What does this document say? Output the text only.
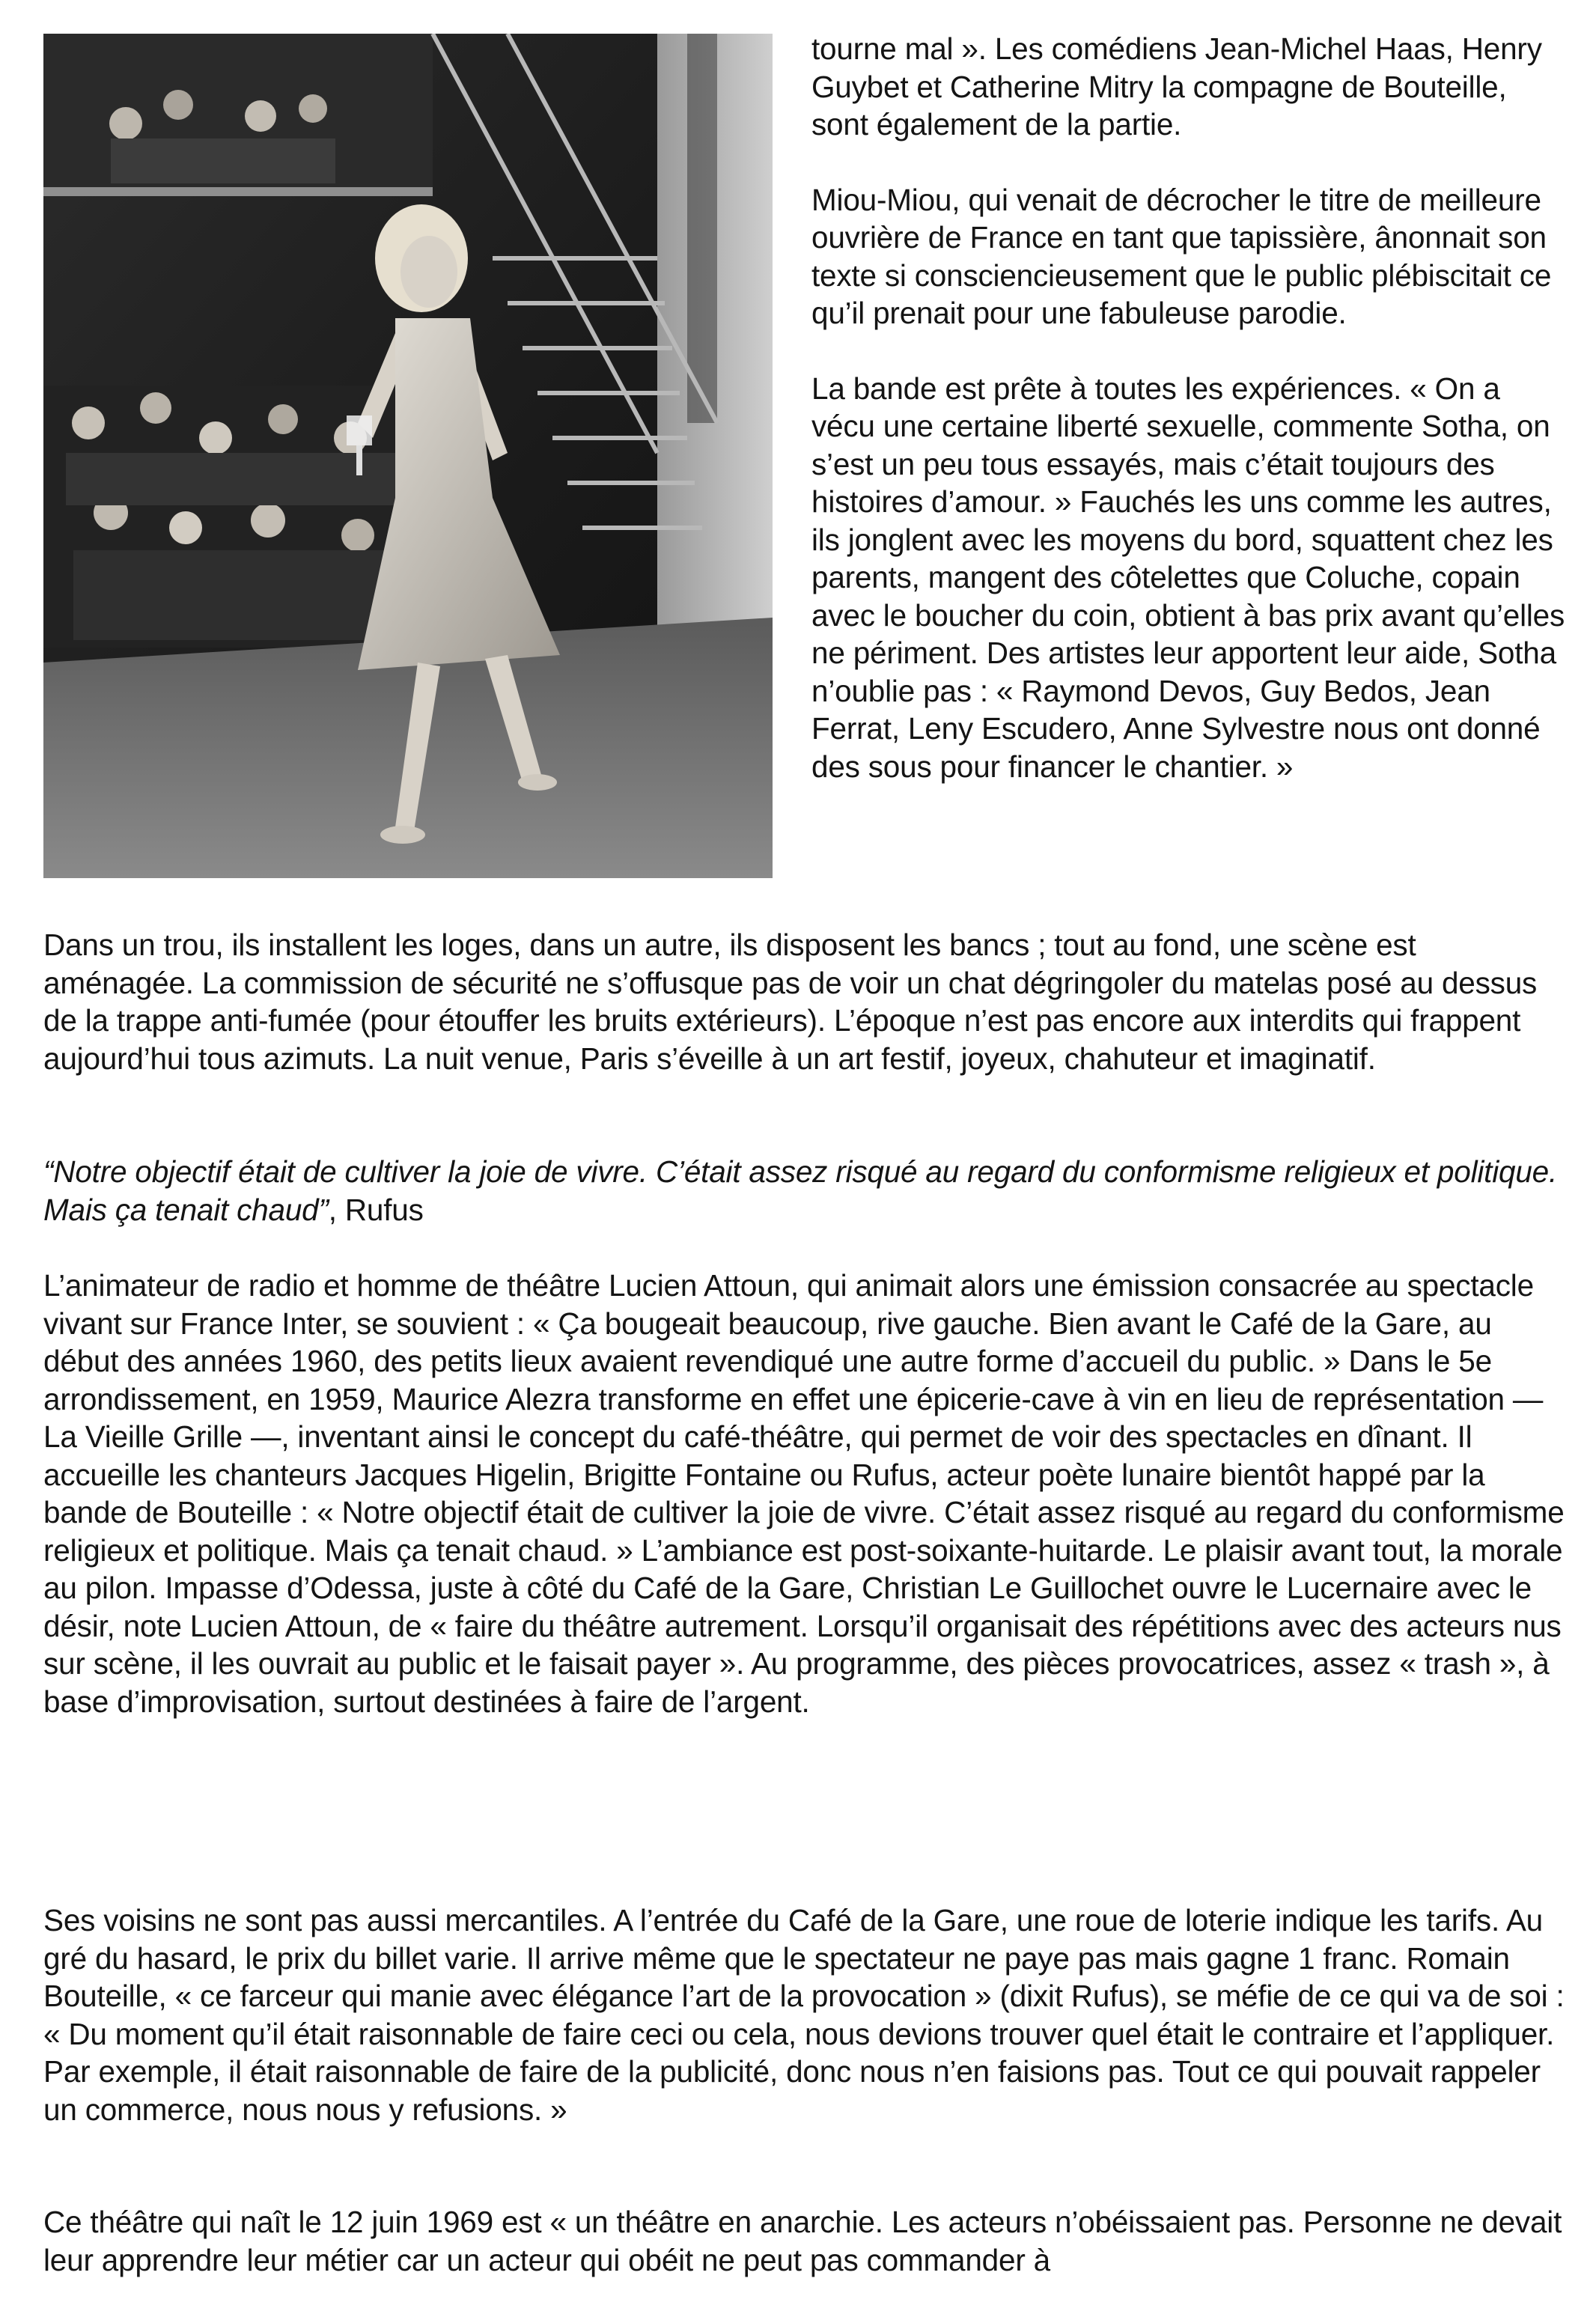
tourne mal ». Les comédiens Jean-Michel Haas, Henry Guybet et Catherine Mitry la compagne de Bouteille, sont également de la partie.

Miou-Miou, qui venait de décrocher le titre de meilleure ouvrière de France en tant que tapissière, ânonnait son texte si consciencieusement que le public plébiscitait ce qu’il prenait pour une fabuleuse parodie.

La bande est prête à toutes les expériences. « On a vécu une certaine liberté sexuelle, commente Sotha, on s’est un peu tous essayés, mais c’était toujours des histoires d’amour. » Fauchés les uns comme les autres, ils jonglent avec les moyens du bord, squattent chez les parents, mangent des côtelettes que Coluche, copain avec le boucher du coin, obtient à bas prix avant qu’elles ne périment. Des artistes leur apportent leur aide, Sotha n’oublie pas : « Raymond Devos, Guy Bedos, Jean Ferrat, Leny Escudero, Anne Sylvestre nous ont donné des sous pour financer le chantier. »

Dans un trou, ils installent les loges, dans un autre, ils disposent les bancs ; tout au fond, une scène est aménagée. La commission de sécurité ne s’offusque pas de voir un chat dégringoler du matelas posé au dessus de la trappe anti-fumée (pour étouffer les bruits extérieurs). L’époque n’est pas encore aux interdits qui frappent aujourd’hui tous azimuts. La nuit venue, Paris s’éveille à un art festif, joyeux, chahuteur et imaginatif.

“Notre objectif était de cultiver la joie de vivre. C’était assez risqué au regard du conformisme religieux et politique. Mais ça tenait chaud”, Rufus

L’animateur de radio et homme de théâtre Lucien Attoun, qui animait alors une émission consacrée au spectacle vivant sur France Inter, se souvient : « Ça bougeait beaucoup, rive gauche. Bien avant le Café de la Gare, au début des années 1960, des petits lieux avaient revendiqué une autre forme d’accueil du public. » Dans le 5e arrondissement, en 1959, Maurice Alezra transforme en effet une épicerie-cave à vin en lieu de représentation — La Vieille Grille —, inventant ainsi le concept du café-théâtre, qui permet de voir des spectacles en dînant. Il accueille les chanteurs Jacques Higelin, Brigitte Fontaine ou Rufus, acteur poète lunaire bientôt happé par la bande de Bouteille : « Notre objectif était de cultiver la joie de vivre. C’était assez risqué au regard du conformisme religieux et politique. Mais ça tenait chaud. » L’ambiance est post-soixante-huitarde. Le plaisir avant tout, la morale au pilon. Impasse d’Odessa, juste à côté du Café de la Gare, Christian Le Guillochet ouvre le Lucernaire avec le désir, note Lucien Attoun, de « faire du théâtre autrement. Lorsqu’il organisait des répétitions avec des acteurs nus sur scène, il les ouvrait au public et le faisait payer ». Au programme, des pièces provocatrices, assez « trash », à base d’improvisation, surtout destinées à faire de l’argent.

Ses voisins ne sont pas aussi mercantiles. A l’entrée du Café de la Gare, une roue de loterie indique les tarifs. Au gré du hasard, le prix du billet varie. Il arrive même que le spectateur ne paye pas mais gagne 1 franc. Romain Bouteille, « ce farceur qui manie avec élégance l’art de la provocation » (dixit Rufus), se méfie de ce qui va de soi : « Du moment qu’il était raisonnable de faire ceci ou cela, nous devions trouver quel était le contraire et l’appliquer. Par exemple, il était raisonnable de faire de la publicité, donc nous n’en faisions pas. Tout ce qui pouvait rappeler un commerce, nous nous y refusions. »

Ce théâtre qui naît le 12 juin 1969 est « un théâtre en anarchie. Les acteurs n’obéissaient pas. Personne ne devait leur apprendre leur métier car un acteur qui obéit ne peut pas commander à
